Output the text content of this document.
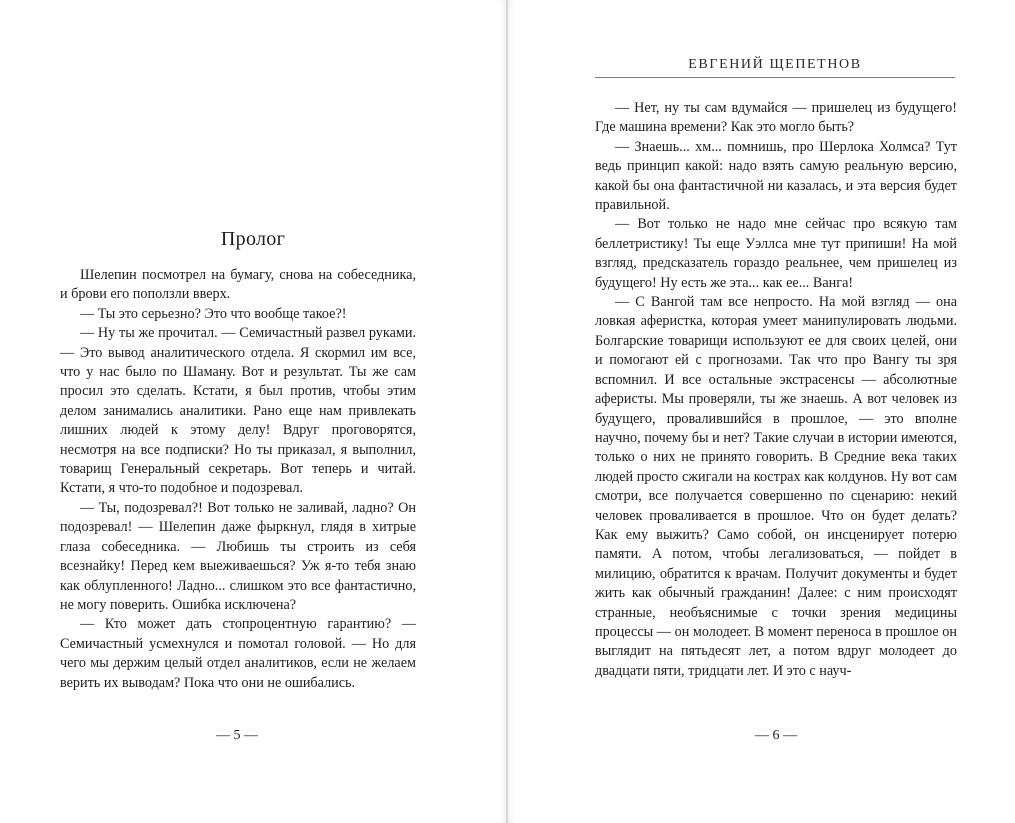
Пролог

Шелепин посмотрел на бумагу, снова на собеседника, и брови его поползли вверх.

— Ты это серьезно? Это что вообще такое?!

— Ну ты же прочитал. — Семичастный развел руками. — Это вывод аналитического отдела. Я скормил им все, что у нас было по Шаману. Вот и результат. Ты же сам просил это сделать. Кстати, я был против, чтобы этим делом занимались аналитики. Рано еще нам привлекать лишних людей к этому делу! Вдруг проговорятся, несмотря на все подписки? Но ты приказал, я выполнил, товарищ Генеральный секретарь. Вот теперь и читай. Кстати, я что-то подобное и подозревал.

— Ты, подозревал?! Вот только не заливай, ладно? Он подозревал! — Шелепин даже фыркнул, глядя в хитрые глаза собеседника. — Любишь ты строить из себя всезнайку! Перед кем выеживаешься? Уж я-то тебя знаю как облупленного! Ладно... слишком это все фантастично, не могу поверить. Ошибка исключена?

— Кто может дать стопроцентную гарантию? — Семичастный усмехнулся и помотал головой. — Но для чего мы держим целый отдел аналитиков, если не желаем верить их выводам? Пока что они не ошибались.

— 5 —
ЕВГЕНИЙ ЩЕПЕТНОВ

— Нет, ну ты сам вдумайся — пришелец из будущего! Где машина времени? Как это могло быть?

— Знаешь... хм... помнишь, про Шерлока Холмса? Тут ведь принцип какой: надо взять самую реальную версию, какой бы она фантастичной ни казалась, и эта версия будет правильной.

— Вот только не надо мне сейчас про всякую там беллетристику! Ты еще Уэллса мне тут припиши! На мой взгляд, предсказатель гораздо реальнее, чем пришелец из будущего! Ну есть же эта... как ее... Ванга!

— С Вангой там все непросто. На мой взгляд — она ловкая аферистка, которая умеет манипулировать людьми. Болгарские товарищи используют ее для своих целей, они и помогают ей с прогнозами. Так что про Вангу ты зря вспомнил. И все остальные экстрасенсы — абсолютные аферисты. Мы проверяли, ты же знаешь. А вот человек из будущего, провалившийся в прошлое, — это вполне научно, почему бы и нет? Такие случаи в истории имеются, только о них не принято говорить. В Средние века таких людей просто сжигали на кострах как колдунов. Ну вот сам смотри, все получается совершенно по сценарию: некий человек проваливается в прошлое. Что он будет делать? Как ему выжить? Само собой, он инсценирует потерю памяти. А потом, чтобы легализоваться, — пойдет в милицию, обратится к врачам. Получит документы и будет жить как обычный гражданин! Далее: с ним происходят странные, необъяснимые с точки зрения медицины процессы — он молодеет. В момент переноса в прошлое он выглядит на пятьдесят лет, а потом вдруг молодеет до двадцати пяти, тридцати лет. И это с науч-

— 6 —
